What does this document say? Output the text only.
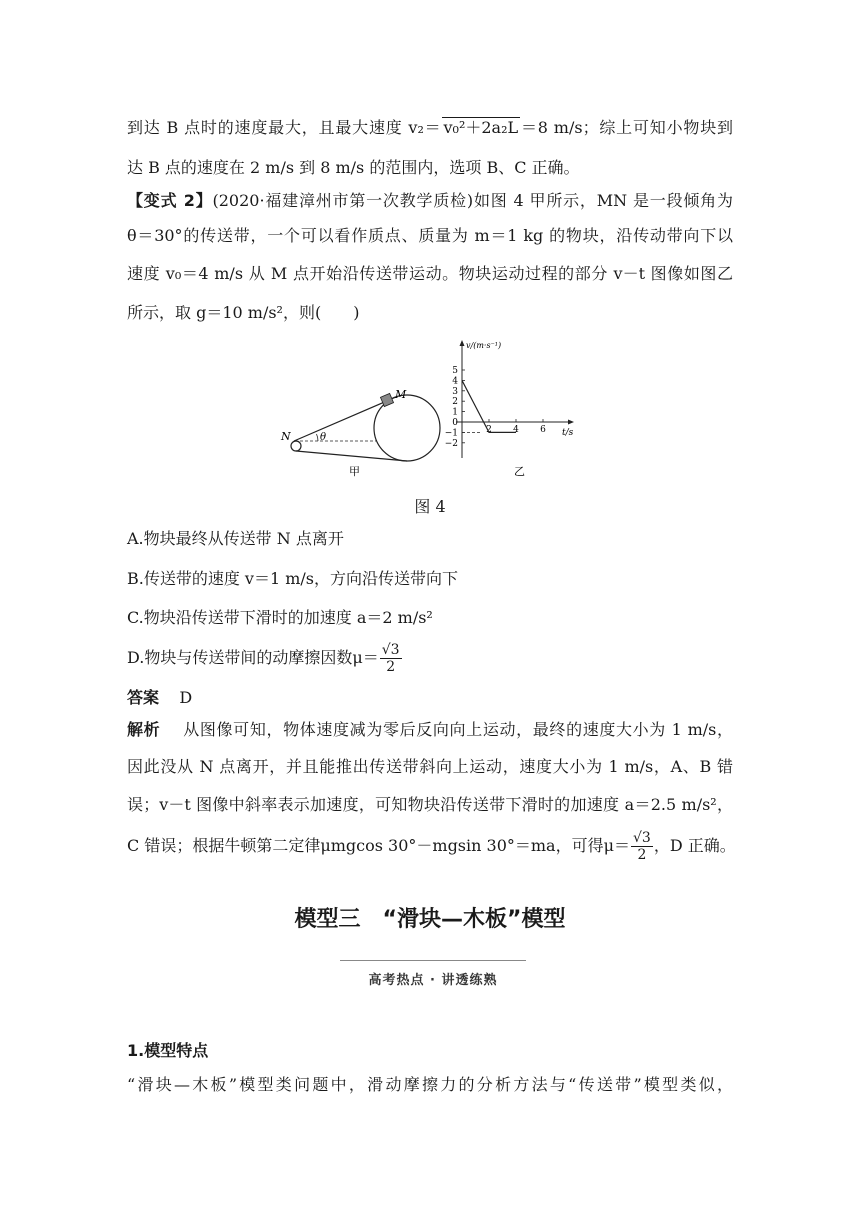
到达 B 点时的速度最大，且最大速度 v₂＝ v₀²＋2a₂L ＝8 m/s；综上可知小物块到
达 B 点的速度在 2 m/s 到 8 m/s 的范围内，选项 B、C 正确。
【变式 2】(2020·福建漳州市第一次教学质检)如图 4 甲所示，MN 是一段倾角为
θ＝30°的传送带，一个可以看作质点、质量为 m＝1 kg 的物块，沿传动带向下以
速度 v₀＝4 m/s 从 M 点开始沿传送带运动。物块运动过程的部分 v－t 图像如图乙
所示，取 g＝10 m/s²，则(　　)
M
N	θ
甲
v/(m·s⁻¹)
t/s
5
4
3
2
1
0
−1
−2
2 4 6
乙
图 4
A.物块最终从传送带 N 点离开
B.传送带的速度 v＝1 m/s，方向沿传送带向下
C.物块沿传送带下滑时的加速度 a＝2 m/s²
D.物块与传送带间的动摩擦因数$\mu= \frac{√3}{2}$
答案 D
解析 从图像可知，物体速度减为零后反向向上运动，最终的速度大小为 1 m/s，
因此没从 N 点离开，并且能推出传送带斜向上运动，速度大小为 1 m/s，A、B 错
误；v－t 图像中斜率表示加速度，可知物块沿传送带下滑时的加速度 a＝2.5 m/s²，
C 错误；根据牛顿第二定律μmgcos 30°－mgsin 30°＝ma，可得$\mu= \frac{√3}{2}$ ，D 正确。
模型三　“滑块—木板”模型
高考热点 · 讲透练熟
1.模型特点
“滑块—木板”模型类问题中，滑动摩擦力的分析方法与“传送带”模型类似，
